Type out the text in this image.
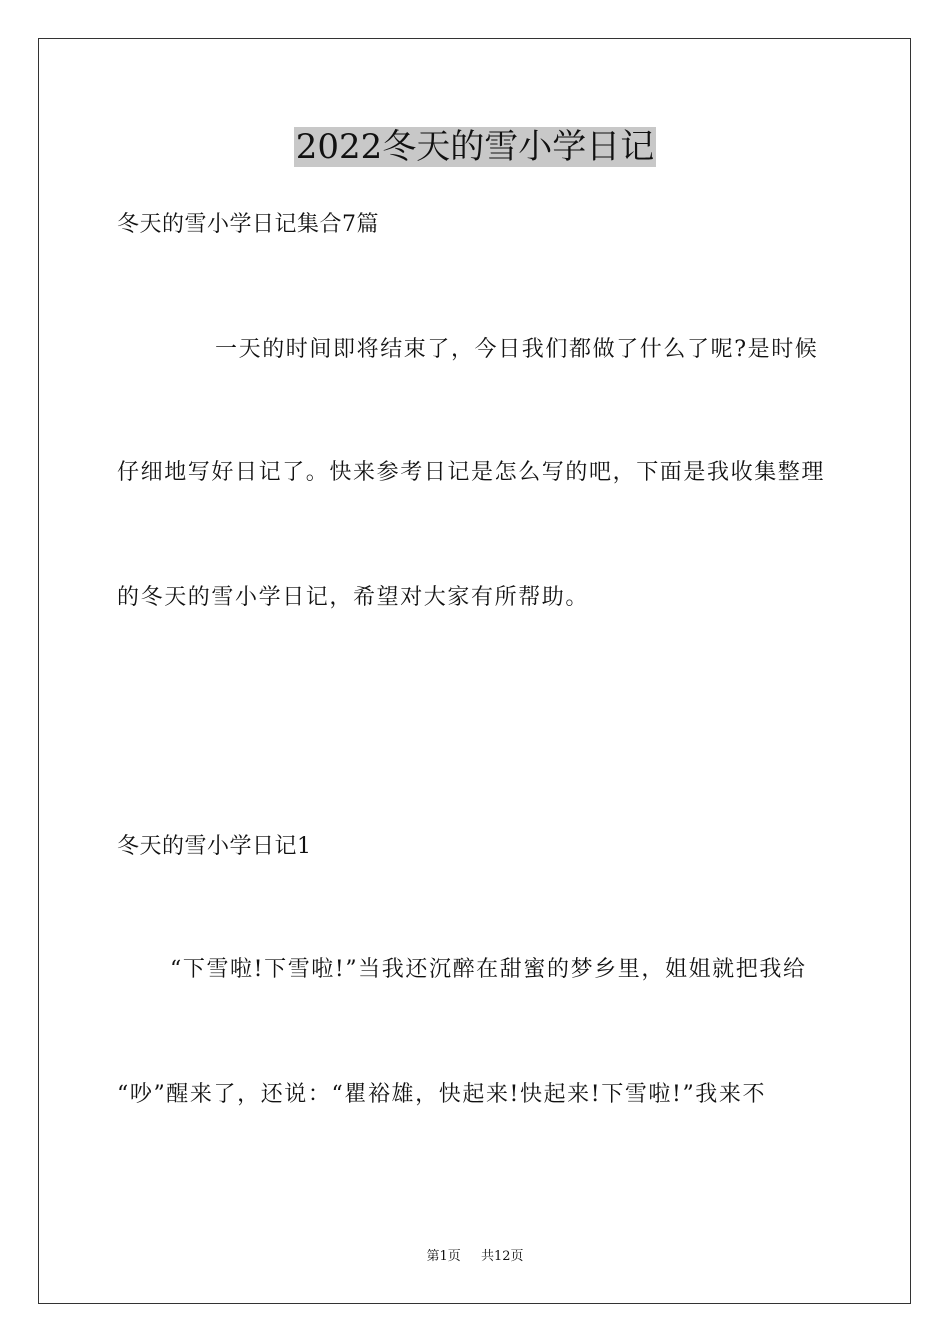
2022冬天的雪小学日记
冬天的雪小学日记集合7篇
一天的时间即将结束了，今日我们都做了什么了呢?是时候
仔细地写好日记了。快来参考日记是怎么写的吧，下面是我收集整理
的冬天的雪小学日记，希望对大家有所帮助。
冬天的雪小学日记1
“下雪啦!下雪啦!”当我还沉醉在甜蜜的梦乡里，姐姐就把我给
“吵”醒来了，还说：“瞿裕雄，快起来!快起来!下雪啦!”我来不
第1页 共12页
